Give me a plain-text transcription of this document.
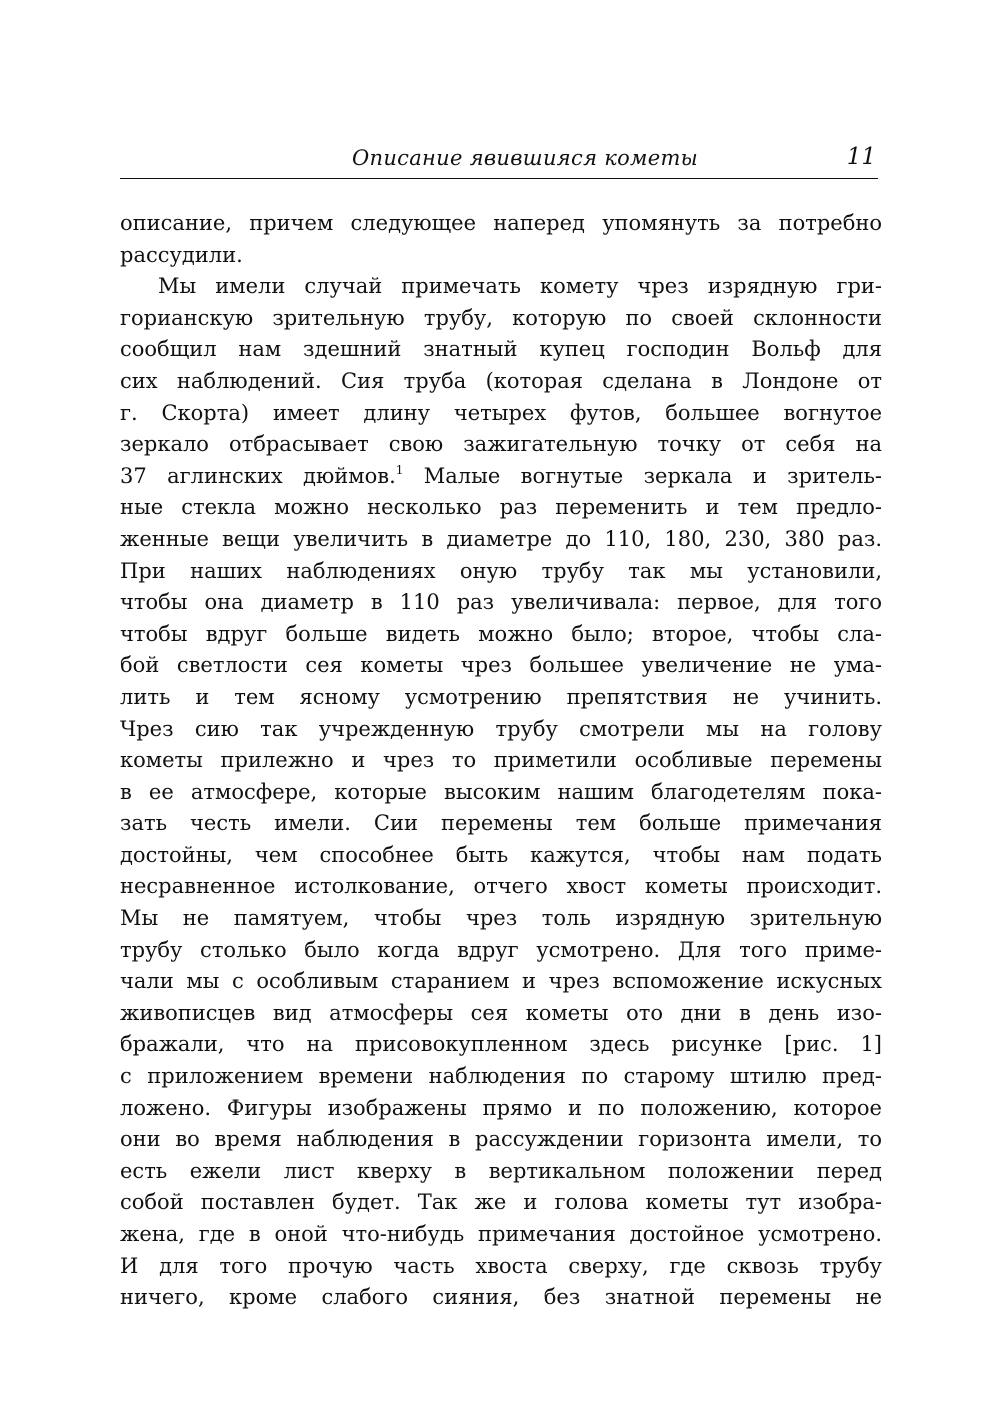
Описание явившияся кометы	11
описание, причем следующее наперед упомянуть за потребно
рассудили.
Мы имели случай примечать комету чрез изрядную гри-
горианскую зрительную трубу, которую по своей склонности
сообщил нам здешний знатный купец господин Вольф для
сих наблюдений. Сия труба (которая сделана в Лондоне от
г. Скорта) имеет длину четырех футов, большее вогнутое
зеркало отбрасывает свою зажигательную точку от себя на
37 аглинских дюймов.$^1$ Малые вогнутые зеркала и зритель-
ные стекла можно несколько раз переменить и тем предло-
женные вещи увеличить в диаметре до 110, 180, 230, 380 раз.
При наших наблюдениях оную трубу так мы установили,
чтобы она диаметр в 110 раз увеличивала: первое, для того
чтобы вдруг больше видеть можно было; второе, чтобы сла-
бой светлости сея кометы чрез большее увеличение не ума-
лить и тем ясному усмотрению препятствия не учинить.
Чрез сию так учрежденную трубу смотрели мы на голову
кометы прилежно и чрез то приметили особливые перемены
в ее атмосфере, которые высоким нашим благодетелям пока-
зать честь имели. Сии перемены тем больше примечания
достойны, чем способнее быть кажутся, чтобы нам подать
несравненное истолкование, отчего хвост кометы происходит.
Мы не памятуем, чтобы чрез толь изрядную зрительную
трубу столько было когда вдруг усмотрено. Для того приме-
чали мы с особливым старанием и чрез вспоможение искусных
живописцев вид атмосферы сея кометы ото дни в день изо-
бражали, что на присовокупленном здесь рисунке [рис. 1]
с приложением времени наблюдения по старому штилю пред-
ложено. Фигуры изображены прямо и по положению, которое
они во время наблюдения в рассуждении горизонта имели, то
есть ежели лист кверху в вертикальном положении перед
собой поставлен будет. Так же и голова кометы тут изобра-
жена, где в оной что-нибудь примечания достойное усмотрено.
И для того прочую часть хвоста сверху, где сквозь трубу
ничего, кроме слабого сияния, без знатной перемены не
